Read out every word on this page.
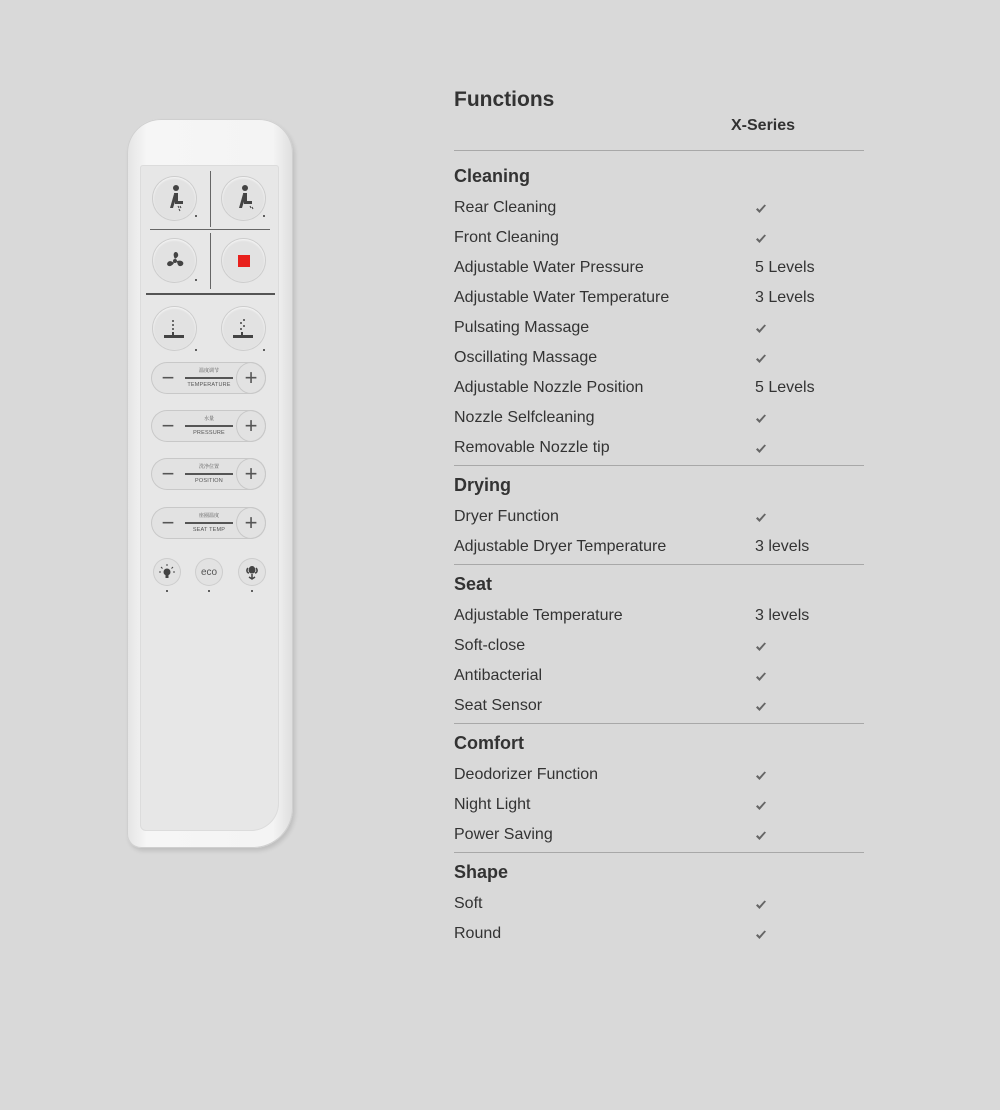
−	温度调节
TEMPERATURE +
−	水量
PRESSURE +
−	洗净位置
POSITION +
−	座圈温度
SEAT TEMP +
eco
Functions
X-Series
Cleaning
Rear Cleaning
Front Cleaning
Adjustable Water Pressure	5 Levels
Adjustable Water Temperature	3 Levels
Pulsating Massage
Oscillating Massage
Adjustable Nozzle Position	5 Levels
Nozzle Selfcleaning
Removable Nozzle tip
Drying
Dryer Function
Adjustable Dryer Temperature	3 levels
Seat
Adjustable Temperature	3 levels
Soft-close
Antibacterial
Seat Sensor
Comfort
Deodorizer Function
Night Light
Power Saving
Shape
Soft
Round
